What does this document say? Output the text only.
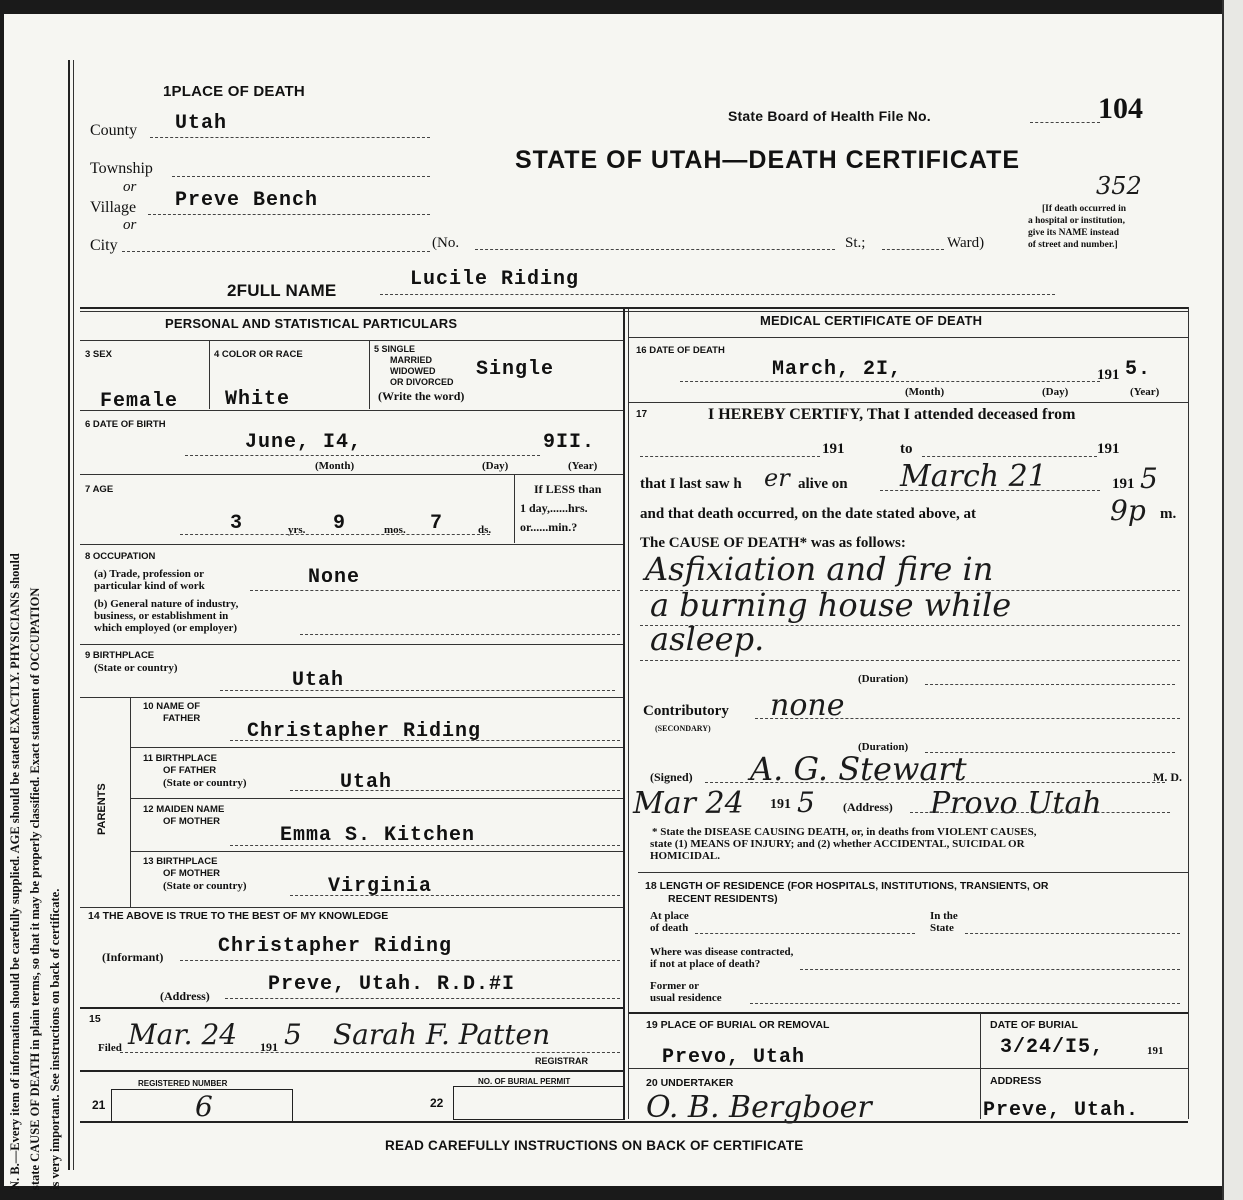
N. B.—Every item of information should be carefully supplied. AGE should be stated EXACTLY. PHYSICIANS should state CAUSE OF DEATH in plain terms, so that it may be properly classified. Exact statement of OCCUPATION is very important. See instructions on back of certificate.
1PLACE OF DEATH
County Utah
Township
or
Village Preve Bench
or
City	(No.	St.;	Ward)
State Board of Health File No.	104
352
STATE OF UTAH—DEATH CERTIFICATE
[If death occurred in
a hospital or institution,
give its NAME instead
of street and number.]
2FULL NAME	Lucile Riding
PERSONAL AND STATISTICAL PARTICULARS
3 SEX
Female
4 COLOR OR RACE
White
5 SINGLE
MARRIED
WIDOWED
OR DIVORCED
(Write the word)
Single
6 DATE OF BIRTH
June, I4,	9II.
(Month)	(Day)	(Year)
7 AGE
3	yrs. 9	mos. 7	ds.
If LESS than
1 day,......hrs.
or......min.?
8 OCCUPATION
(a) Trade, profession or
particular kind of work	None
(b) General nature of industry,
business, or establishment in
which employed (or employer)
9 BIRTHPLACE
(State or country)
Utah
PARENTS
10 NAME OF
FATHER
Christapher Riding
11 BIRTHPLACE
OF FATHER
(State or country)	Utah
12 MAIDEN NAME
OF MOTHER
Emma S. Kitchen
13 BIRTHPLACE
OF MOTHER
(State or country)	Virginia
14 THE ABOVE IS TRUE TO THE BEST OF MY KNOWLEDGE
(Informant)	Christapher Riding
(Address)	Preve, Utah. R.D.#I
15
Filed Mar. 24 191 5 Sarah F. Patten
REGISTRAR
REGISTERED NUMBER	NO. OF BURIAL PERMIT
21	6	22
MEDICAL CERTIFICATE OF DEATH
16 DATE OF DEATH
March, 2I,	191 5.
(Month)	(Day)	(Year)
17	I HEREBY CERTIFY, That I attended deceased from
191	to	191
that I last saw h er alive on March 21	191 5
and that death occurred, on the date stated above, at	9p m.
The CAUSE OF DEATH* was as follows:
Asfixiation and fire in
a burning house while
asleep.
(Duration)
Contributory none
(SECONDARY)
(Duration)
(Signed) A. G. Stewart	M. D.
Mar 24 191 5 (Address) Provo Utah
* State the DISEASE CAUSING DEATH, or, in deaths from VIOLENT CAUSES,
state (1) MEANS OF INJURY; and (2) whether ACCIDENTAL, SUICIDAL OR
HOMICIDAL.
18 LENGTH OF RESIDENCE (FOR HOSPITALS, INSTITUTIONS, TRANSIENTS, OR
RECENT RESIDENTS)
At place
of death
In the
State
Where was disease contracted,
if not at place of death?
Former or
usual residence
19 PLACE OF BURIAL OR REMOVAL
Prevo, Utah
DATE OF BURIAL
3/24/I5,	191
20 UNDERTAKER
O. B. Bergboer
ADDRESS
Preve, Utah.
READ CAREFULLY INSTRUCTIONS ON BACK OF CERTIFICATE
